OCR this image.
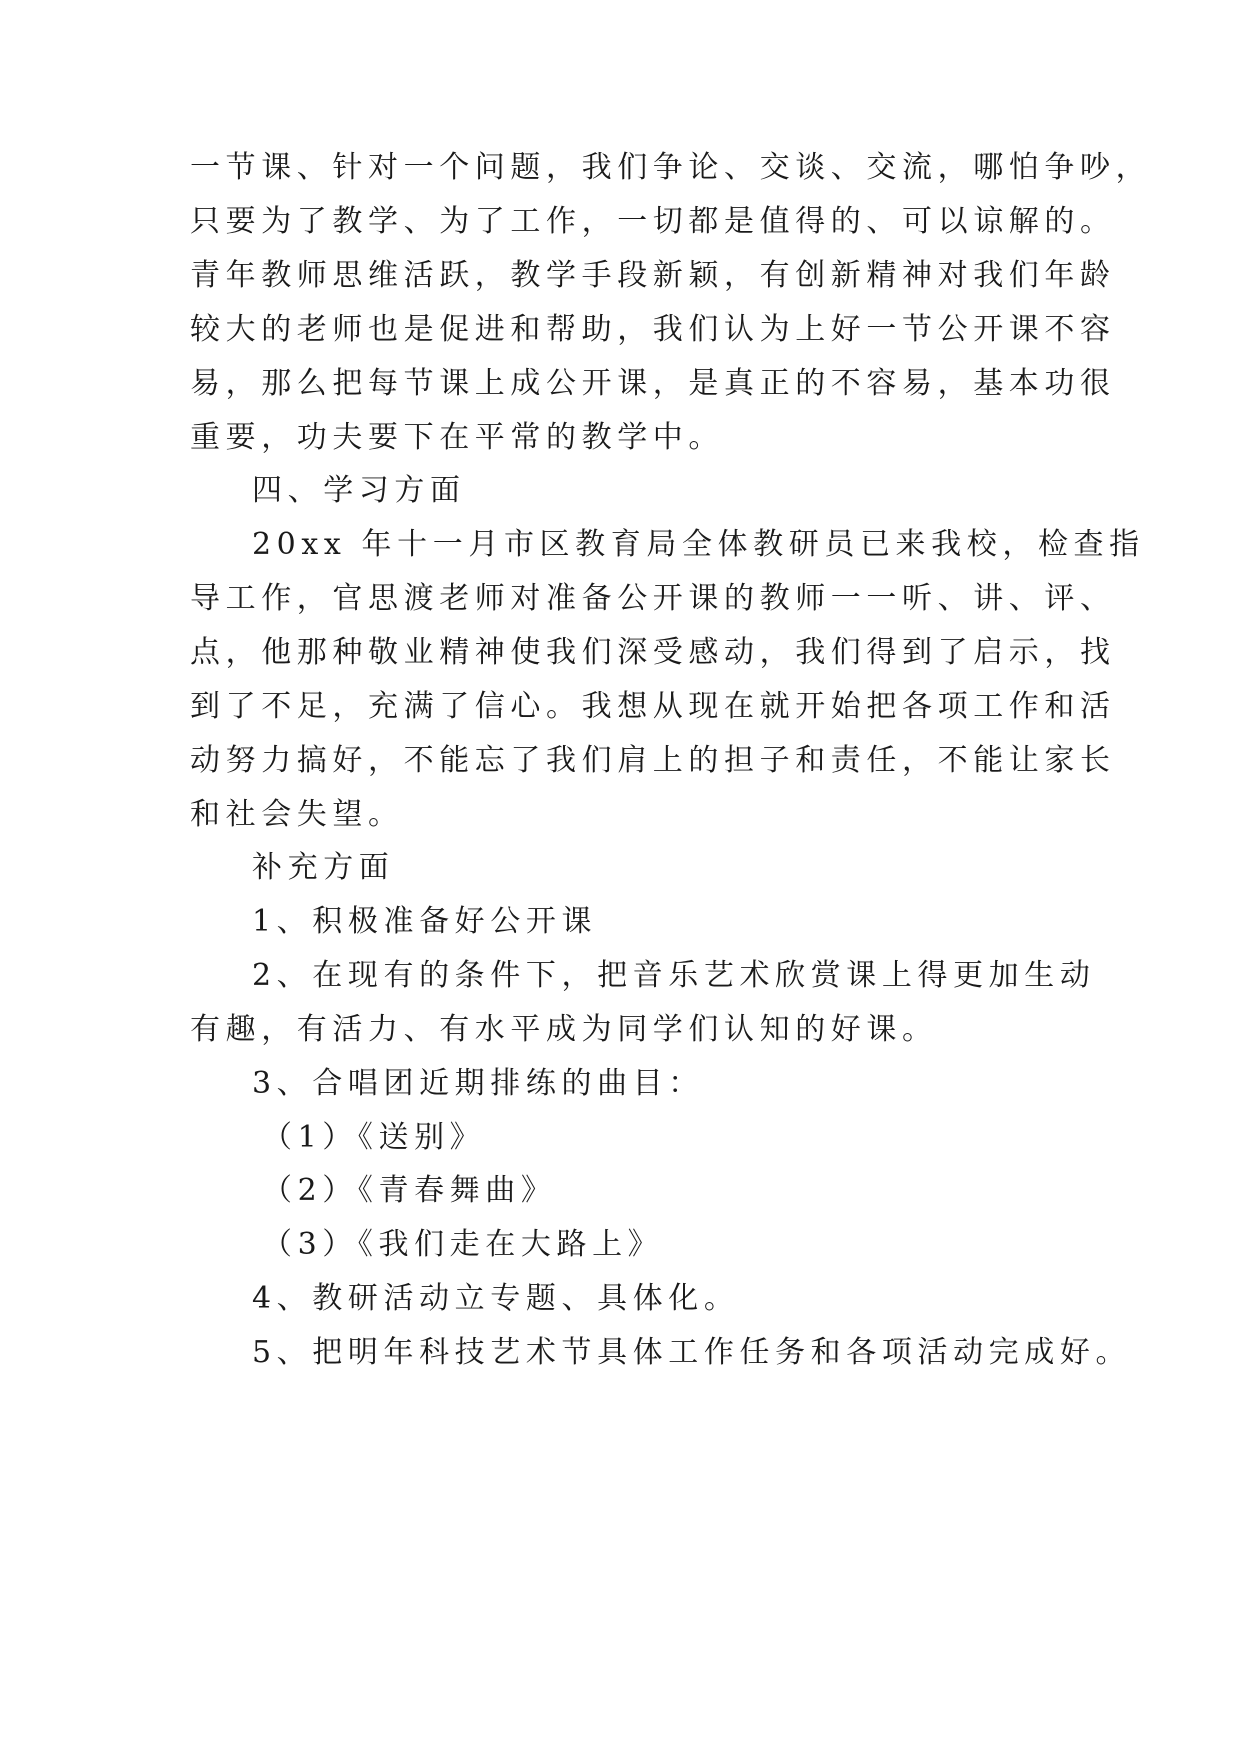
一节课、针对一个问题，我们争论、交谈、交流，哪怕争吵，
只要为了教学、为了工作，一切都是值得的、可以谅解的。
青年教师思维活跃，教学手段新颖，有创新精神对我们年龄
较大的老师也是促进和帮助，我们认为上好一节公开课不容
易，那么把每节课上成公开课，是真正的不容易，基本功很
重要，功夫要下在平常的教学中。
四、学习方面
20xx 年十一月市区教育局全体教研员已来我校，检查指
导工作，官思渡老师对准备公开课的教师一一听、讲、评、
点，他那种敬业精神使我们深受感动，我们得到了启示，找
到了不足，充满了信心。我想从现在就开始把各项工作和活
动努力搞好，不能忘了我们肩上的担子和责任，不能让家长
和社会失望。
补充方面
1、积极准备好公开课
2、在现有的条件下，把音乐艺术欣赏课上得更加生动
有趣，有活力、有水平成为同学们认知的好课。
3、合唱团近期排练的曲目：
（1）《送别》
（2）《青春舞曲》
（3）《我们走在大路上》
4、教研活动立专题、具体化。
5、把明年科技艺术节具体工作任务和各项活动完成好。
